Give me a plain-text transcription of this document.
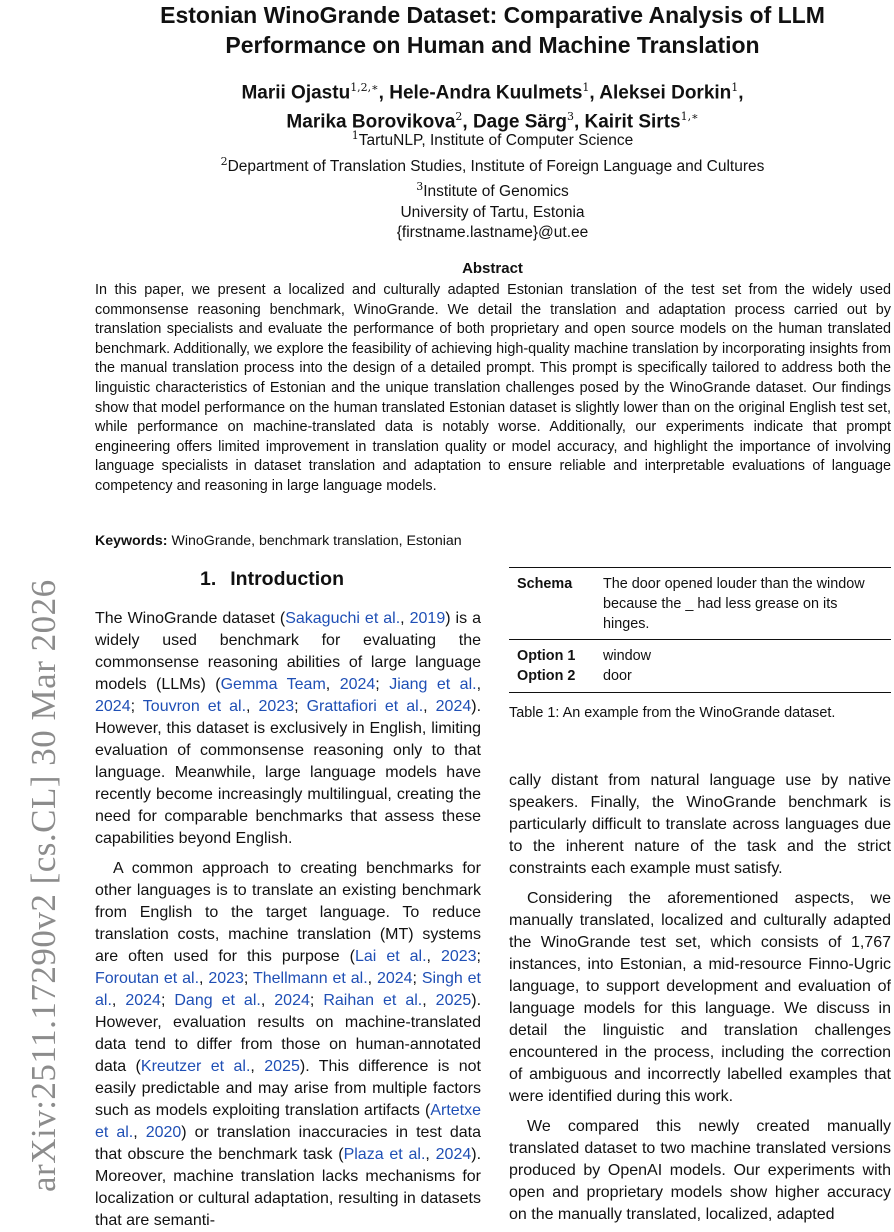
arXiv:2511.17290v2 [cs.CL] 30 Mar 2026
Estonian WinoGrande Dataset: Comparative Analysis of LLM Performance on Human and Machine Translation
Marii Ojastu$^{1,2,∗}$, Hele-Andra Kuulmets$^1$, Aleksei Dorkin$^1$,
Marika Borovikova$^2$, Dage Särg$^3$, Kairit Sirts$^{1,∗}$
$^1$TartuNLP, Institute of Computer Science
$^2$Department of Translation Studies, Institute of Foreign Language and Cultures
$^3$Institute of Genomics
University of Tartu, Estonia
{firstname.lastname}@ut.ee
Abstract

In this paper, we present a localized and culturally adapted Estonian translation of the test set from the widely used commonsense reasoning benchmark, WinoGrande. We detail the translation and adaptation process carried out by translation specialists and evaluate the performance of both proprietary and open source models on the human translated benchmark. Additionally, we explore the feasibility of achieving high-quality machine translation by incorporating insights from the manual translation process into the design of a detailed prompt. This prompt is specifically tailored to address both the linguistic characteristics of Estonian and the unique translation challenges posed by the WinoGrande dataset. Our findings show that model performance on the human translated Estonian dataset is slightly lower than on the original English test set, while performance on machine-translated data is notably worse. Additionally, our experiments indicate that prompt engineering offers limited improvement in translation quality or model accuracy, and highlight the importance of involving language specialists in dataset translation and adaptation to ensure reliable and interpretable evaluations of language competency and reasoning in large language models.

Keywords: WinoGrande, benchmark translation, Estonian
1. Introduction

The WinoGrande dataset (Sakaguchi et al., 2019) is a widely used benchmark for evaluating the commonsense reasoning abilities of large language models (LLMs) (Gemma Team, 2024; Jiang et al., 2024; Touvron et al., 2023; Grattafiori et al., 2024). However, this dataset is exclusively in English, limiting evaluation of commonsense reasoning only to that language. Meanwhile, large language models have recently become increasingly multilingual, creating the need for comparable benchmarks that assess these capabilities beyond English.

A common approach to creating benchmarks for other languages is to translate an existing benchmark from English to the target language. To reduce translation costs, machine translation (MT) systems are often used for this purpose (Lai et al., 2023; Foroutan et al., 2023; Thellmann et al., 2024; Singh et al., 2024; Dang et al., 2024; Raihan et al., 2025). However, evaluation results on machine-translated data tend to differ from those on human-annotated data (Kreutzer et al., 2025). This difference is not easily predictable and may arise from multiple factors such as models exploiting translation artifacts (Artetxe et al., 2020) or translation inaccuracies in test data that obscure the benchmark task (Plaza et al., 2024). Moreover, machine translation lacks mechanisms for localization or cultural adaptation, resulting in datasets that are semanti-

Schema	The door opened louder than the window because the _ had less grease on its hinges.
Option 1	window
Option 2	door
Table 1: An example from the WinoGrande dataset.

cally distant from natural language use by native speakers. Finally, the WinoGrande benchmark is particularly difficult to translate across languages due to the inherent nature of the task and the strict constraints each example must satisfy.

Considering the aforementioned aspects, we manually translated, localized and culturally adapted the WinoGrande test set, which consists of 1,767 instances, into Estonian, a mid-resource Finno-Ugric language, to support development and evaluation of language models for this language. We discuss in detail the linguistic and translation challenges encountered in the process, including the correction of ambiguous and incorrectly labelled examples that were identified during this work.

We compared this newly created manually translated dataset to two machine translated versions produced by OpenAI models. Our experiments with open and proprietary models show higher accuracy on the manually translated, localized, adapted
